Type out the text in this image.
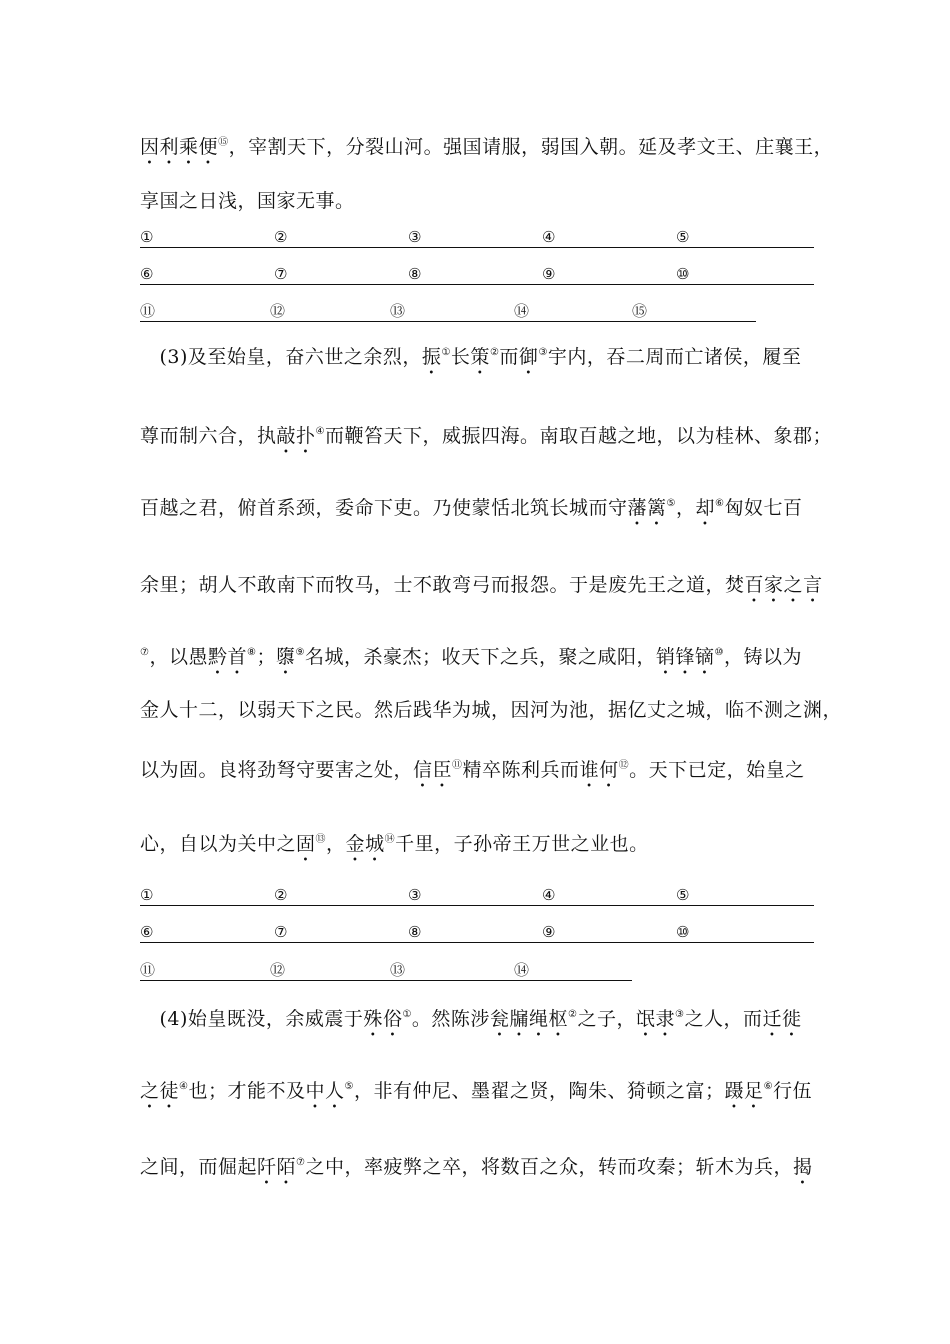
因利乘便⑮，宰割天下，分裂山河。强国请服，弱国入朝。延及孝文王、庄襄王，
享国之日浅，国家无事。
①	②	③	④	⑤
⑥	⑦	⑧	⑨	⑩
⑪	⑫	⑬	⑭	⑮
　(3)及至始皇，奋六世之余烈，振①长策②而御③宇内，吞二周而亡诸侯，履至
尊而制六合，执敲扑④而鞭笞天下，威振四海。南取百越之地，以为桂林、象郡；
百越之君，俯首系颈，委命下吏。乃使蒙恬北筑长城而守藩篱⑤，却⑥匈奴七百
余里；胡人不敢南下而牧马，士不敢弯弓而报怨。于是废先王之道，焚百家之言
⑦，以愚黔首⑧；隳⑨名城，杀豪杰；收天下之兵，聚之咸阳，销锋镝⑩，铸以为
金人十二，以弱天下之民。然后践华为城，因河为池，据亿丈之城，临不测之渊，
以为固。良将劲弩守要害之处，信臣⑪精卒陈利兵而谁何⑫。天下已定，始皇之
心，自以为关中之固⑬，金城⑭千里，子孙帝王万世之业也。
①	②	③	④	⑤
⑥	⑦	⑧	⑨	⑩
⑪	⑫	⑬	⑭
　(4)始皇既没，余威震于殊俗①。然陈涉瓮牖绳枢②之子，氓隶③之人，而迁徙
之徒④也；才能不及中人⑤，非有仲尼、墨翟之贤，陶朱、猗顿之富；蹑足⑥行伍
之间，而倔起阡陌⑦之中，率疲弊之卒，将数百之众，转而攻秦；斩木为兵，揭
